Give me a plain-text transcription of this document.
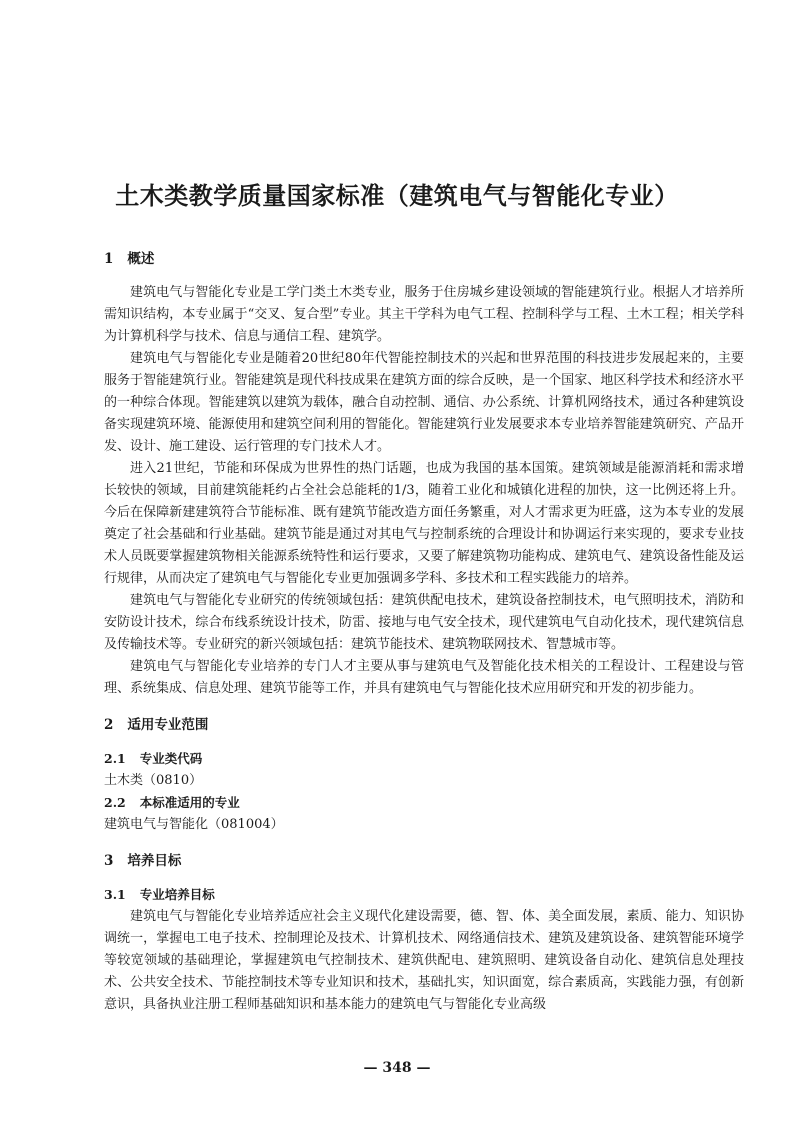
土木类教学质量国家标准（建筑电气与智能化专业）

1 概述

建筑电气与智能化专业是工学门类土木类专业，服务于住房城乡建设领域的智能建筑行业。根据人才培养所需知识结构，本专业属于“交叉、复合型”专业。其主干学科为电气工程、控制科学与工程、土木工程；相关学科为计算机科学与技术、信息与通信工程、建筑学。

建筑电气与智能化专业是随着20世纪80年代智能控制技术的兴起和世界范围的科技进步发展起来的，主要服务于智能建筑行业。智能建筑是现代科技成果在建筑方面的综合反映，是一个国家、地区科学技术和经济水平的一种综合体现。智能建筑以建筑为载体，融合自动控制、通信、办公系统、计算机网络技术，通过各种建筑设备实现建筑环境、能源使用和建筑空间利用的智能化。智能建筑行业发展要求本专业培养智能建筑研究、产品开发、设计、施工建设、运行管理的专门技术人才。

进入21世纪，节能和环保成为世界性的热门话题，也成为我国的基本国策。建筑领域是能源消耗和需求增长较快的领域，目前建筑能耗约占全社会总能耗的1/3，随着工业化和城镇化进程的加快，这一比例还将上升。今后在保障新建建筑符合节能标准、既有建筑节能改造方面任务繁重，对人才需求更为旺盛，这为本专业的发展奠定了社会基础和行业基础。建筑节能是通过对其电气与控制系统的合理设计和协调运行来实现的，要求专业技术人员既要掌握建筑物相关能源系统特性和运行要求，又要了解建筑物功能构成、建筑电气、建筑设备性能及运行规律，从而决定了建筑电气与智能化专业更加强调多学科、多技术和工程实践能力的培养。

建筑电气与智能化专业研究的传统领域包括：建筑供配电技术，建筑设备控制技术，电气照明技术，消防和安防设计技术，综合布线系统设计技术，防雷、接地与电气安全技术，现代建筑电气自动化技术，现代建筑信息及传输技术等。专业研究的新兴领域包括：建筑节能技术、建筑物联网技术、智慧城市等。

建筑电气与智能化专业培养的专门人才主要从事与建筑电气及智能化技术相关的工程设计、工程建设与管理、系统集成、信息处理、建筑节能等工作，并具有建筑电气与智能化技术应用研究和开发的初步能力。

2 适用专业范围

2.1 专业类代码

土木类（0810）

2.2 本标准适用的专业

建筑电气与智能化（081004）

3 培养目标

3.1 专业培养目标

建筑电气与智能化专业培养适应社会主义现代化建设需要，德、智、体、美全面发展，素质、能力、知识协调统一，掌握电工电子技术、控制理论及技术、计算机技术、网络通信技术、建筑及建筑设备、建筑智能环境学等较宽领域的基础理论，掌握建筑电气控制技术、建筑供配电、建筑照明、建筑设备自动化、建筑信息处理技术、公共安全技术、节能控制技术等专业知识和技术，基础扎实，知识面宽，综合素质高，实践能力强，有创新意识，具备执业注册工程师基础知识和基本能力的建筑电气与智能化专业高级

— 348 —
